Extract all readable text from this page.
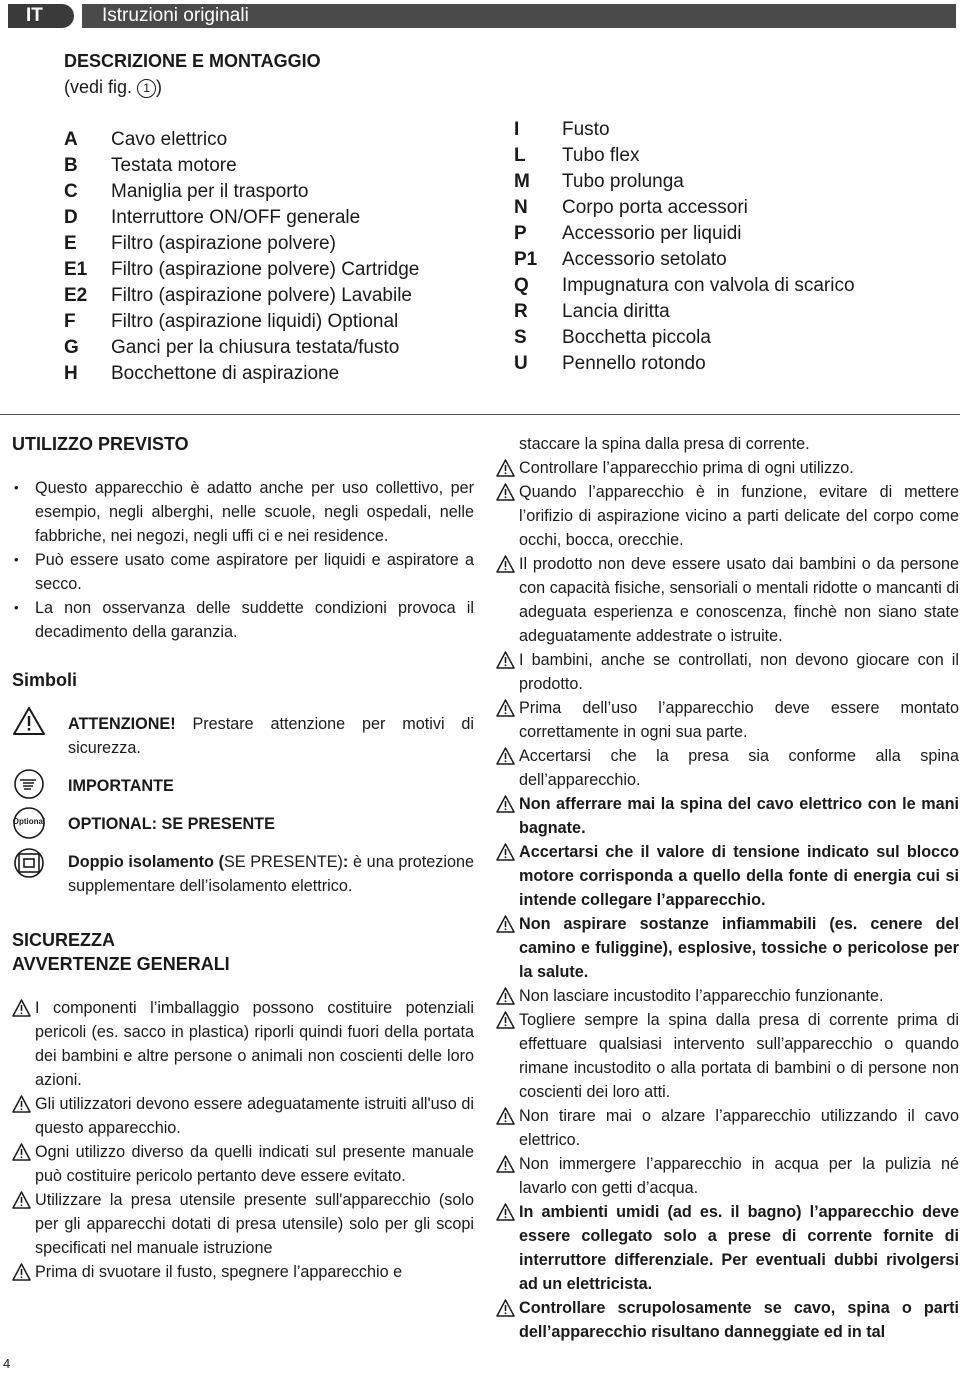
IT	Istruzioni originali
DESCRIZIONE E MONTAGGIO
(vedi fig. 1 )
A Cavo elettrico
B Testata motore
C Maniglia per il trasporto
D Interruttore ON/OFF generale
E Filtro (aspirazione polvere)
E1 Filtro (aspirazione polvere) Cartridge
E2 Filtro (aspirazione polvere) Lavabile
F Filtro (aspirazione liquidi) Optional
G Ganci per la chiusura testata/fusto
H Bocchettone di aspirazione
I Fusto
L Tubo flex
M Tubo prolunga
N Corpo porta accessori
P Accessorio per liquidi
P1 Accessorio setolato
Q Impugnatura con valvola di scarico
R Lancia diritta
S Bocchetta piccola
U Pennello rotondo
UTILIZZO PREVISTO
• Questo apparecchio è adatto anche per uso collettivo, per esempio, negli alberghi, nelle scuole, negli ospedali, nelle fabbriche, nei negozi, negli uffi ci e nei residence.
• Può essere usato come aspiratore per liquidi e aspiratore a secco.
• La non osservanza delle suddette condizioni provoca il decadimento della garanzia.
Simboli
ATTENZIONE! Prestare attenzione per motivi di sicurezza.
IMPORTANTE
Optional OPTIONAL: SE PRESENTE
Doppio isolamento (SE PRESENTE): è una protezione supplementare dell’isolamento elettrico.
SICUREZZA
AVVERTENZE GENERALI
I componenti l’imballaggio possono costituire potenziali pericoli (es. sacco in plastica) riporli quindi fuori della portata dei bambini e altre persone o animali non coscienti delle loro azioni.
Gli utilizzatori devono essere adeguatamente istruiti all'uso di questo apparecchio.
Ogni utilizzo diverso da quelli indicati sul presente manuale può costituire pericolo pertanto deve essere evitato.
Utilizzare la presa utensile presente sull'apparecchio (solo per gli apparecchi dotati di presa utensile) solo per gli scopi specificati nel manuale istruzione
Prima di svuotare il fusto, spegnere l’apparecchio e
staccare la spina dalla presa di corrente.
Controllare l’apparecchio prima di ogni utilizzo.
Quando l’apparecchio è in funzione, evitare di mettere l’orifizio di aspirazione vicino a parti delicate del corpo come occhi, bocca, orecchie.
Il prodotto non deve essere usato dai bambini o da persone con capacità fisiche, sensoriali o mentali ridotte o mancanti di adeguata esperienza e conoscenza, finchè non siano state adeguatamente addestrate o istruite.
I bambini, anche se controllati, non devono giocare con il prodotto.
Prima dell’uso l’apparecchio deve essere montato correttamente in ogni sua parte.
Accertarsi che la presa sia conforme alla spina dell’apparecchio.
Non afferrare mai la spina del cavo elettrico con le mani bagnate.
Accertarsi che il valore di tensione indicato sul blocco motore corrisponda a quello della fonte di energia cui si intende collegare l’apparecchio.
Non aspirare sostanze infiammabili (es. cenere del camino e fuliggine), esplosive, tossiche o pericolose per la salute.
Non lasciare incustodito l’apparecchio funzionante.
Togliere sempre la spina dalla presa di corrente prima di effettuare qualsiasi intervento sull’apparecchio o quando rimane incustodito o alla portata di bambini o di persone non coscienti dei loro atti.
Non tirare mai o alzare l’apparecchio utilizzando il cavo elettrico.
Non immergere l’apparecchio in acqua per la pulizia né lavarlo con getti d’acqua.
In ambienti umidi (ad es. il bagno) l’apparecchio deve essere collegato solo a prese di corrente fornite di interruttore differenziale. Per eventuali dubbi rivolgersi ad un elettricista.
Controllare scrupolosamente se cavo, spina o parti dell’apparecchio risultano danneggiate ed in tal
4
